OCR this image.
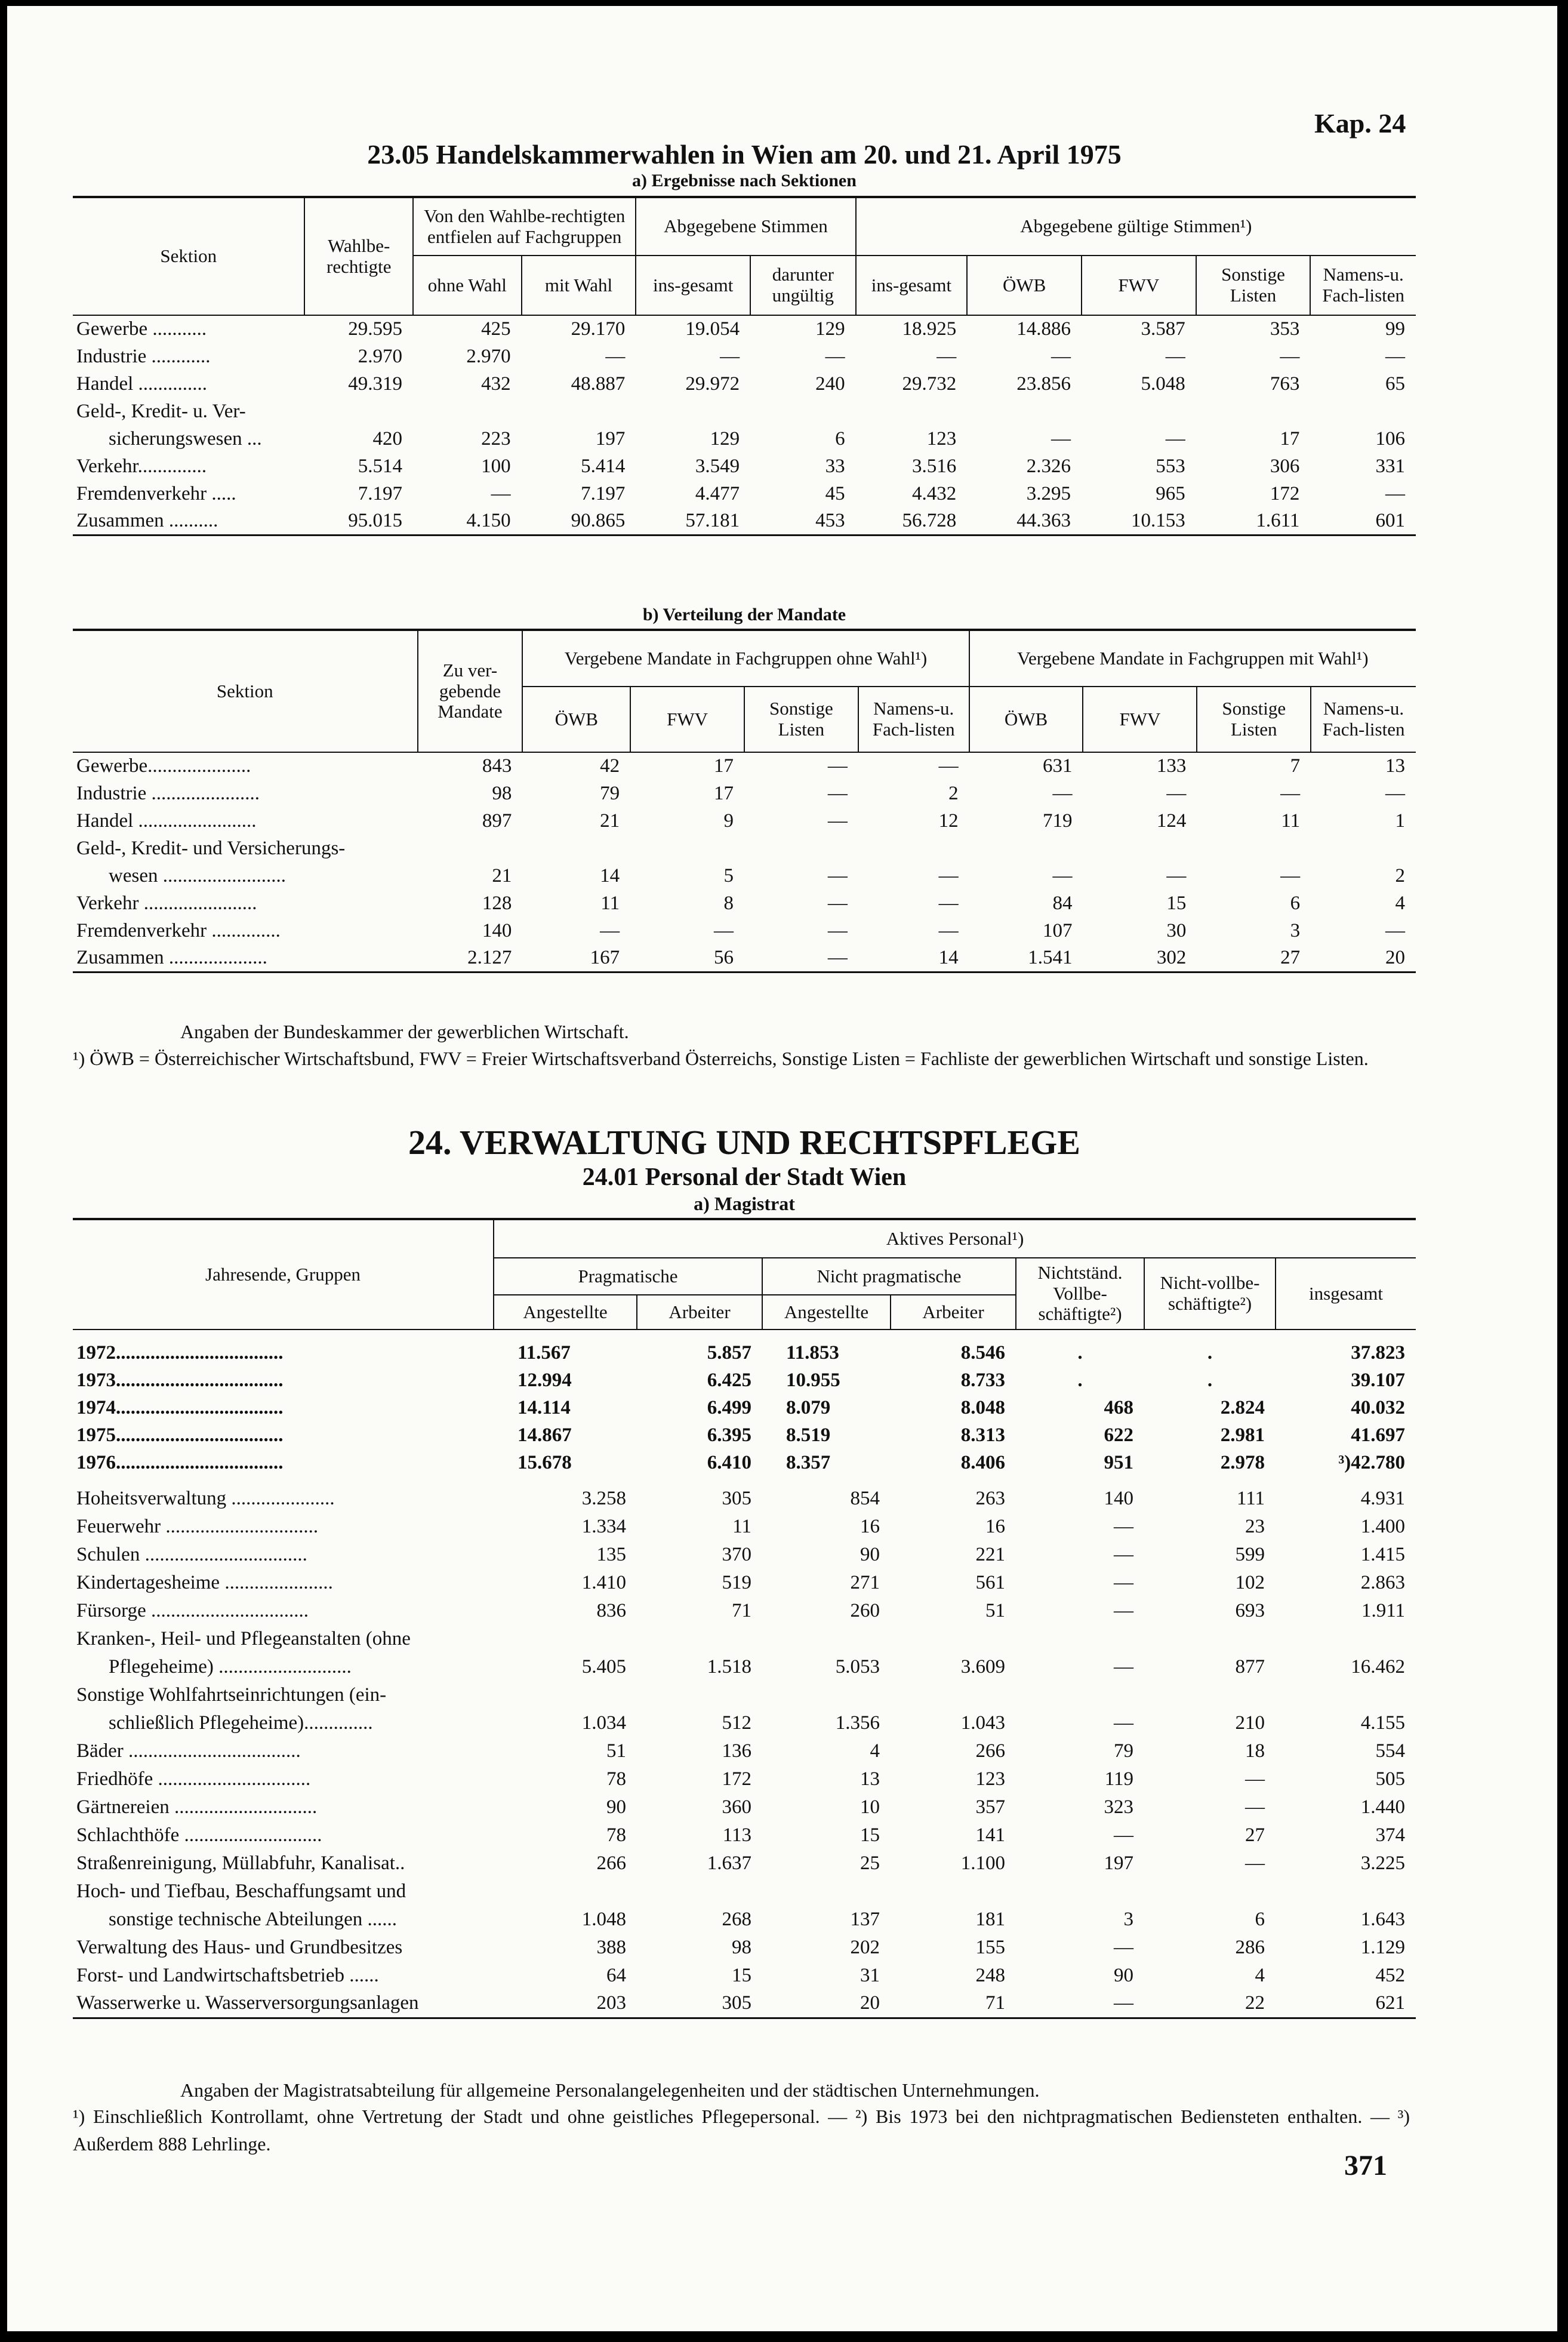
Kap. 24
23.05 Handelskammerwahlen in Wien am 20. und 21. April 1975
a) Ergebnisse nach Sektionen
Sektion	Wahlbe-rechtigte	Von den Wahlbe-rechtigten entfielen auf Fachgruppen		Abgegebene Stimmen		Abgegebene gültige Stimmen¹)				
		ohne Wahl	mit Wahl	ins-gesamt	darunter ungültig	ins-gesamt	ÖWB	FWV	Sonstige Listen	Namens-u. Fach-listen
Gewerbe ...........	29.595	425	29.170	19.054	129	18.925	14.886	3.587	353	99
Industrie ............	2.970	2.970	—	—	—	—	—	—	—	—
Handel ..............	49.319	432	48.887	29.972	240	29.732	23.856	5.048	763	65
Geld-, Kredit- u. Ver-										
sicherungswesen ...	420	223	197	129	6	123	—	—	17	106
Verkehr..............	5.514	100	5.414	3.549	33	3.516	2.326	553	306	331
Fremdenverkehr .....	7.197	—	7.197	4.477	45	4.432	3.295	965	172	—
Zusammen ..........	95.015	4.150	90.865	57.181	453	56.728	44.363	10.153	1.611	601
b) Verteilung der Mandate
Sektion	Zu ver-gebende Mandate	Vergebene Mandate in Fachgruppen ohne Wahl¹)				Vergebene Mandate in Fachgruppen mit Wahl¹)			
		ÖWB	FWV	Sonstige Listen	Namens-u. Fach-listen	ÖWB	FWV	Sonstige Listen	Namens-u. Fach-listen
Gewerbe.....................	843	42	17	—	—	631	133	7	13
Industrie ......................	98	79	17	—	2	—	—	—	—
Handel ........................	897	21	9	—	12	719	124	11	1
Geld-, Kredit- und Versicherungs-									
wesen .........................	21	14	5	—	—	—	—	—	2
Verkehr .......................	128	11	8	—	—	84	15	6	4
Fremdenverkehr ..............	140	—	—	—	—	107	30	3	—
Zusammen ....................	2.127	167	56	—	14	1.541	302	27	20
Angaben der Bundeskammer der gewerblichen Wirtschaft.
¹) ÖWB = Österreichischer Wirtschaftsbund, FWV = Freier Wirtschaftsverband Österreichs, Sonstige Listen = Fachliste der gewerblichen Wirtschaft und sonstige Listen.
24. VERWALTUNG UND RECHTSPFLEGE
24.01 Personal der Stadt Wien
a) Magistrat
Jahresende, Gruppen	Aktives Personal¹)						
	Pragmatische		Nicht pragmatische		Nichtständ. Vollbe-schäftigte²)	Nicht-vollbe-schäftigte²)	insgesamt
	Angestellte	Arbeiter	Angestellte	Arbeiter			

1972..................................	11.567	5.857	11.853	8.546	.	.	37.823
1973..................................	12.994	6.425	10.955	8.733	.	.	39.107
1974..................................	14.114	6.499	8.079	8.048	468	2.824	40.032
1975..................................	14.867	6.395	8.519	8.313	622	2.981	41.697
1976..................................	15.678	6.410	8.357	8.406	951	2.978	³)42.780

Hoheitsverwaltung .....................	3.258	305	854	263	140	111	4.931
Feuerwehr ...............................	1.334	11	16	16	—	23	1.400
Schulen .................................	135	370	90	221	—	599	1.415
Kindertagesheime ......................	1.410	519	271	561	—	102	2.863
Fürsorge ................................	836	71	260	51	—	693	1.911
Kranken-, Heil- und Pflegeanstalten (ohne							
Pflegeheime) ...........................	5.405	1.518	5.053	3.609	—	877	16.462
Sonstige Wohlfahrtseinrichtungen (ein-							
schließlich Pflegeheime)..............	1.034	512	1.356	1.043	—	210	4.155
Bäder ...................................	51	136	4	266	79	18	554
Friedhöfe ...............................	78	172	13	123	119	—	505
Gärtnereien .............................	90	360	10	357	323	—	1.440
Schlachthöfe ............................	78	113	15	141	—	27	374
Straßenreinigung, Müllabfuhr, Kanalisat..	266	1.637	25	1.100	197	—	3.225
Hoch- und Tiefbau, Beschaffungsamt und							
sonstige technische Abteilungen ......	1.048	268	137	181	3	6	1.643
Verwaltung des Haus- und Grundbesitzes	388	98	202	155	—	286	1.129
Forst- und Landwirtschaftsbetrieb ......	64	15	31	248	90	4	452
Wasserwerke u. Wasserversorgungsanlagen	203	305	20	71	—	22	621
Angaben der Magistratsabteilung für allgemeine Personalangelegenheiten und der städtischen Unternehmungen.
¹) Einschließlich Kontrollamt, ohne Vertretung der Stadt und ohne geistliches Pflegepersonal. — ²) Bis 1973 bei den nichtpragmatischen Bediensteten enthalten. — ³) Außerdem 888 Lehrlinge.
371
